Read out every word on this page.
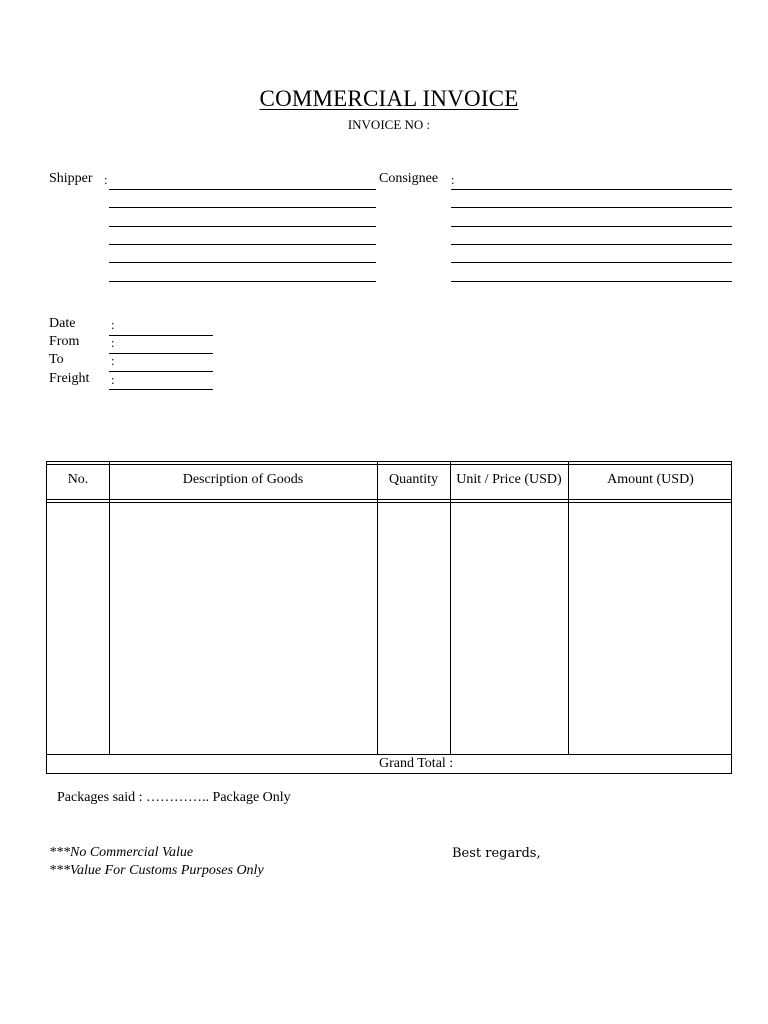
COMMERCIAL INVOICE
INVOICE NO :
Shipper :	Consignee :
Date	:
From :
To	:
Freight :
No.	Description of Goods	Quantity	Unit / Price (USD)	Amount (USD)
Grand Total :
Packages said : ………….. Package Only
***No Commercial Value
***Value For Customs Purposes Only
Best regards,
